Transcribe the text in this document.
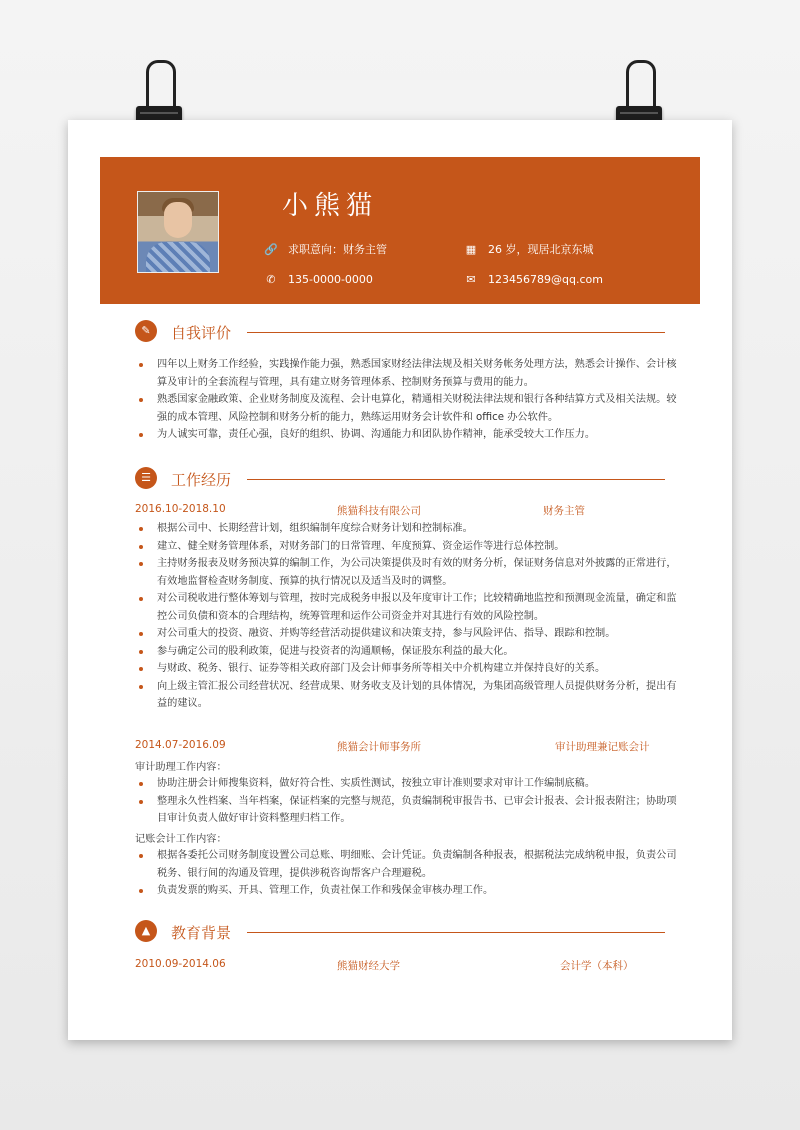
小熊猫
🔗 求职意向：财务主管	▦ 26 岁，现居北京东城
✆ 135-0000-0000	✉ 123456789@qq.com
✎	自我评价
四年以上财务工作经验，实践操作能力强，熟悉国家财经法律法规及相关财务帐务处理方法，熟悉会计操作、会计核算及审计的全套流程与管理，具有建立财务管理体系、控制财务预算与费用的能力。
熟悉国家金融政策、企业财务制度及流程、会计电算化，精通相关财税法律法规和银行各种结算方式及相关法规。较强的成本管理、风险控制和财务分析的能力，熟练运用财务会计软件和 office 办公软件。
为人诚实可靠，责任心强，良好的组织、协调、沟通能力和团队协作精神，能承受较大工作压力。
☰	工作经历
2016.10-2018.10	熊猫科技有限公司	财务主管
根据公司中、长期经营计划，组织编制年度综合财务计划和控制标准。
建立、健全财务管理体系，对财务部门的日常管理、年度预算、资金运作等进行总体控制。
主持财务报表及财务预决算的编制工作，为公司决策提供及时有效的财务分析，保证财务信息对外披露的正常进行，有效地监督检查财务制度、预算的执行情况以及适当及时的调整。
对公司税收进行整体筹划与管理，按时完成税务申报以及年度审计工作；比较精确地监控和预测现金流量，确定和监控公司负债和资本的合理结构，统筹管理和运作公司资金并对其进行有效的风险控制。
对公司重大的投资、融资、并购等经营活动提供建议和决策支持，参与风险评估、指导、跟踪和控制。
参与确定公司的股利政策，促进与投资者的沟通顺畅，保证股东利益的最大化。
与财政、税务、银行、证券等相关政府部门及会计师事务所等相关中介机构建立并保持良好的关系。
向上级主管汇报公司经营状况、经营成果、财务收支及计划的具体情况，为集团高级管理人员提供财务分析，提出有益的建议。
2014.07-2016.09	熊猫会计师事务所	审计助理兼记账会计
审计助理工作内容：
协助注册会计师搜集资料，做好符合性、实质性测试，按独立审计准则要求对审计工作编制底稿。
整理永久性档案、当年档案，保证档案的完整与规范，负责编制税审报告书、已审会计报表、会计报表附注；协助项目审计负责人做好审计资料整理归档工作。
记账会计工作内容：
根据各委托公司财务制度设置公司总账、明细账、会计凭证。负责编制各种报表，根据税法完成纳税申报，负责公司税务、银行间的沟通及管理，提供涉税咨询帮客户合理避税。
负责发票的购买、开具、管理工作，负责社保工作和残保金审核办理工作。
▲	教育背景
2010.09-2014.06	熊猫财经大学	会计学（本科）
